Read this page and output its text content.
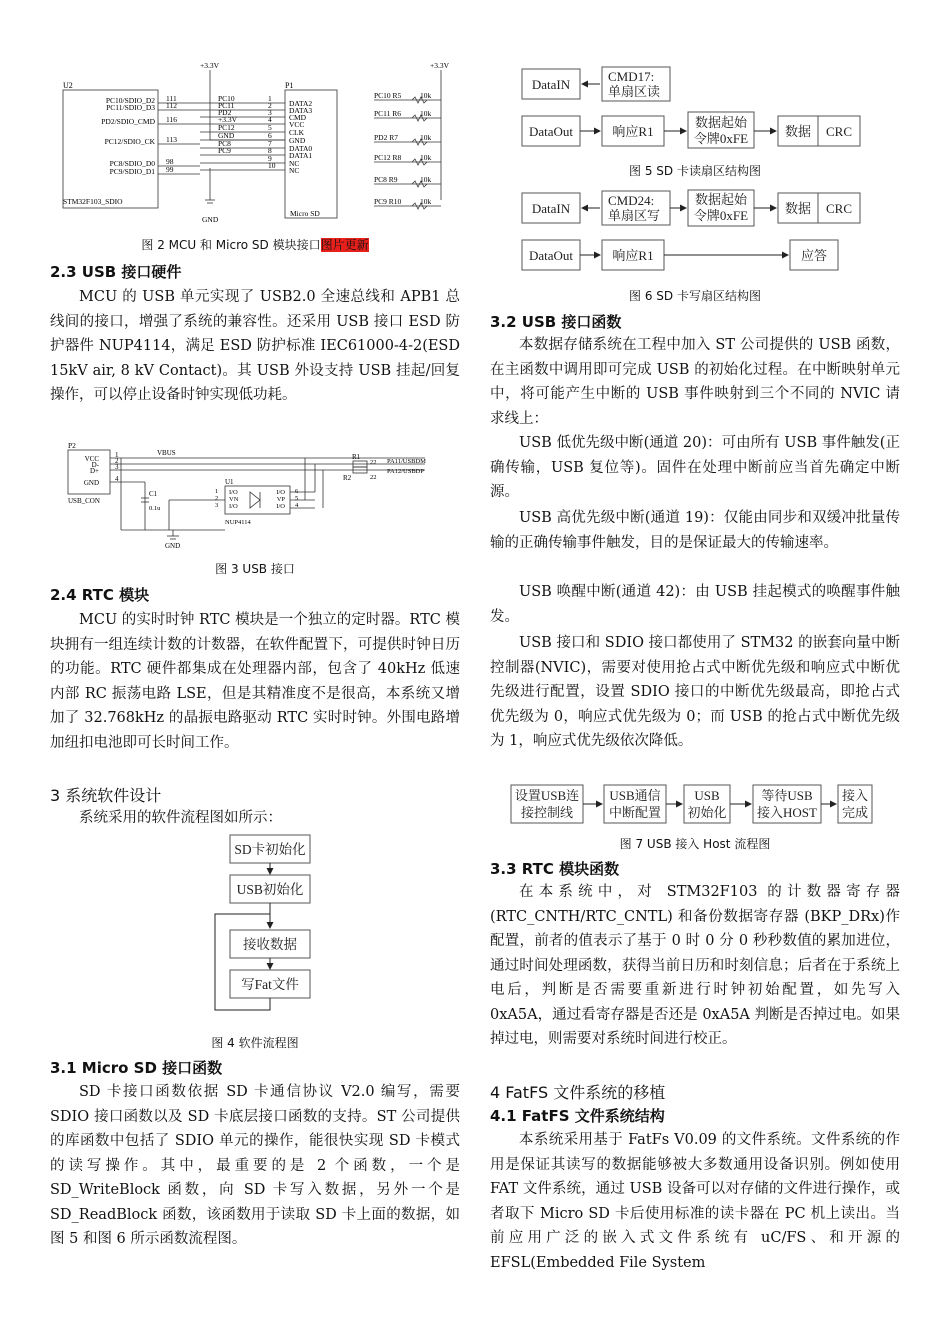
U2
STM32F103_SDIO
P1
Micro SD
+3.3V	+3.3V
GND
PC10/SDIO_D2 111
PC11/SDIO_D3 112
PD2/SDIO_CMD 116
PC12/SDIO_CK 113
PC8/SDIO_D0 98
PC9/SDIO_D1 99
PC10
PC11
PD2
+3.3V
PC12
GND
PC8
PC9
1
DATA2
2
DATA3
3
CMD
4
VCC
5
CLK
6
GND
7
DATA0
8
DATA1
9
NC
10
NC
PC10 R5 10k
PC11 R6	10k
PD2 R7	10k
PC12 R8 10k
PC8 R9	10k
PC9 R10 10k

图 2 MCU 和 Micro SD 模块接口图片更新

2.3 USB 接口硬件

MCU 的 USB 单元实现了 USB2.0 全速总线和 APB1 总线间的接口，增强了系统的兼容性。还采用 USB 接口 ESD 防护器件 NUP4114，满足 ESD 防护标准 IEC61000-4-2(ESD 15kV air, 8 kV Contact)。其 USB 外设支持 USB 挂起/回复操作，可以停止设备时钟实现低功耗。

P2
USB_CON
VCC 1
D- 2
D+ 3
GND 4
VBUS	R1
22
R2	22
PA11/USBDM
PA12/USBDP
C1
0.1u
U1
NUP4114
I/O
1
VN
2
I/O
3
I/O 6
VP 5
I/O 4
GND

图 3 USB 接口

2.4 RTC 模块

MCU 的实时时钟 RTC 模块是一个独立的定时器。RTC 模块拥有一组连续计数的计数器，在软件配置下，可提供时钟日历的功能。RTC 硬件都集成在处理器内部，包含了 40kHz 低速内部 RC 振荡电路 LSE，但是其精准度不是很高，本系统又增加了 32.768kHz 的晶振电路驱动 RTC 实时时钟。外围电路增加纽扣电池即可长时间工作。

3 系统软件设计

系统采用的软件流程图如所示：

SD卡初始化
USB初始化
接收数据
写Fat文件

图 4 软件流程图

3.1 Micro SD 接口函数

SD 卡接口函数依据 SD 卡通信协议 V2.0 编写，需要 SDIO 接口函数以及 SD 卡底层接口函数的支持。ST 公司提供的库函数中包括了 SDIO 单元的操作，能很快实现 SD 卡模式的读写操作。其中，最重要的是 2 个函数，一个是 SD_WriteBlock 函数，向 SD 卡写入数据，另外一个是 SD_ReadBlock 函数，该函数用于读取 SD 卡上面的数据，如图 5 和图 6 所示函数流程图。

DataIN
CMD17:
单扇区读
DataOut	响应R1
数据起始
令牌0xFE	数据 CRC

图 5 SD 卡读扇区结构图

DataIN
CMD24:
单扇区写
数据起始
令牌0xFE	数据 CRC
DataOut	响应R1	应答

图 6 SD 卡写扇区结构图

3.2 USB 接口函数

本数据存储系统在工程中加入 ST 公司提供的 USB 函数，在主函数中调用即可完成 USB 的初始化过程。在中断映射单元中，将可能产生中断的 USB 事件映射到三个不同的 NVIC 请求线上：

USB 低优先级中断(通道 20)：可由所有 USB 事件触发(正确传输，USB 复位等)。固件在处理中断前应当首先确定中断源。

USB 高优先级中断(通道 19)：仅能由同步和双缓冲批量传输的正确传输事件触发，目的是保证最大的传输速率。

USB 唤醒中断(通道 42)：由 USB 挂起模式的唤醒事件触发。

USB 接口和 SDIO 接口都使用了 STM32 的嵌套向量中断控制器(NVIC)，需要对使用抢占式中断优先级和响应式中断优先级进行配置，设置 SDIO 接口的中断优先级最高，即抢占式优先级为 0，响应式优先级为 0；而 USB 的抢占式中断优先级为 1，响应式优先级依次降低。

设置USB连
接控制线
USB通信
中断配置
USB
初始化
等待USB
接入HOST
接入
完成

图 7 USB 接入 Host 流程图

3.3 RTC 模块函数

在本系统中，对 STM32F103 的计数器寄存器 (RTC_CNTH/RTC_CNTL) 和备份数据寄存器 (BKP_DRx)作配置，前者的值表示了基于 0 时 0 分 0 秒秒数值的累加进位，通过时间处理函数，获得当前日历和时刻信息；后者在于系统上电后，判断是否需要重新进行时钟初始配置，如先写入 0xA5A，通过看寄存器是否还是 0xA5A 判断是否掉过电。如果掉过电，则需要对系统时间进行校正。

4 FatFS 文件系统的移植
4.1 FatFS 文件系统结构

本系统采用基于 FatFs V0.09 的文件系统。文件系统的作用是保证其读写的数据能够被大多数通用设备识别。例如使用 FAT 文件系统，通过 USB 设备可以对存储的文件进行操作，或者取下 Micro SD 卡后使用标准的读卡器在 PC 机上读出。当前应用广泛的嵌入式文件系统有 uC/FS、和开源的 EFSL(Embedded File System
